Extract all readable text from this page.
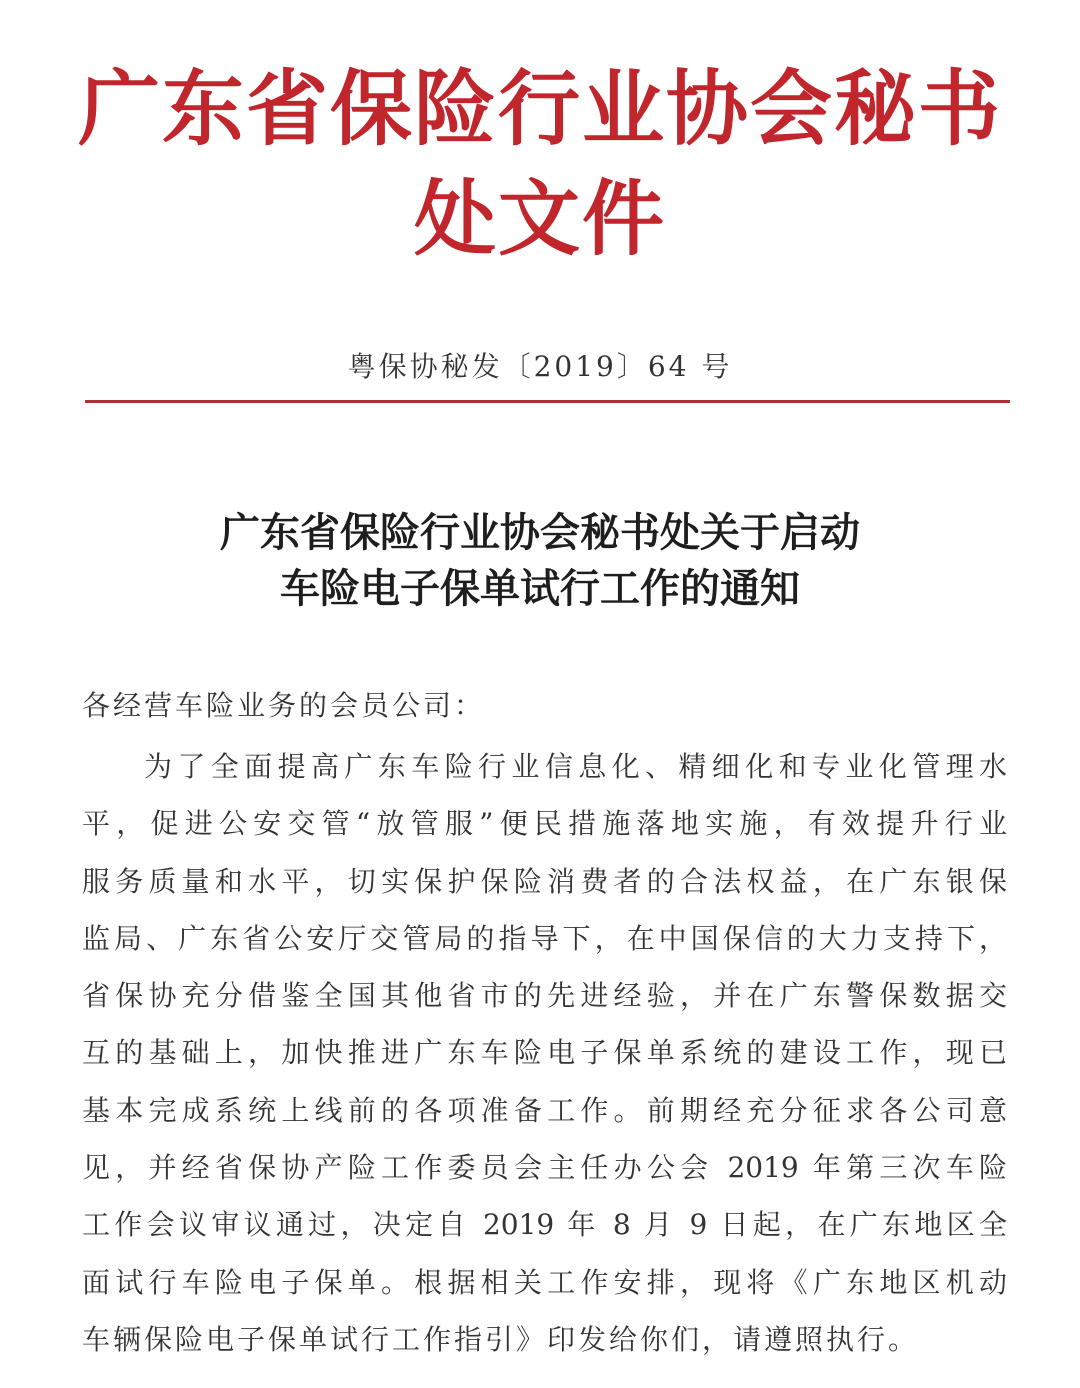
广东省保险行业协会秘书处文件
粤保协秘发〔2019〕64 号
广东省保险行业协会秘书处关于启动
车险电子保单试行工作的通知
各经营车险业务的会员公司：
为了全面提高广东车险行业信息化、精细化和专业化管理水
平，促进公安交管“放管服”便民措施落地实施，有效提升行业
服务质量和水平，切实保护保险消费者的合法权益，在广东银保
监局、广东省公安厅交管局的指导下，在中国保信的大力支持下，
省保协充分借鉴全国其他省市的先进经验，并在广东警保数据交
互的基础上，加快推进广东车险电子保单系统的建设工作，现已
基本完成系统上线前的各项准备工作。前期经充分征求各公司意
见，并经省保协产险工作委员会主任办公会 2019 年第三次车险
工作会议审议通过，决定自 2019 年 8 月 9 日起，在广东地区全
面试行车险电子保单。根据相关工作安排，现将《广东地区机动
车辆保险电子保单试行工作指引》印发给你们，请遵照执行。
